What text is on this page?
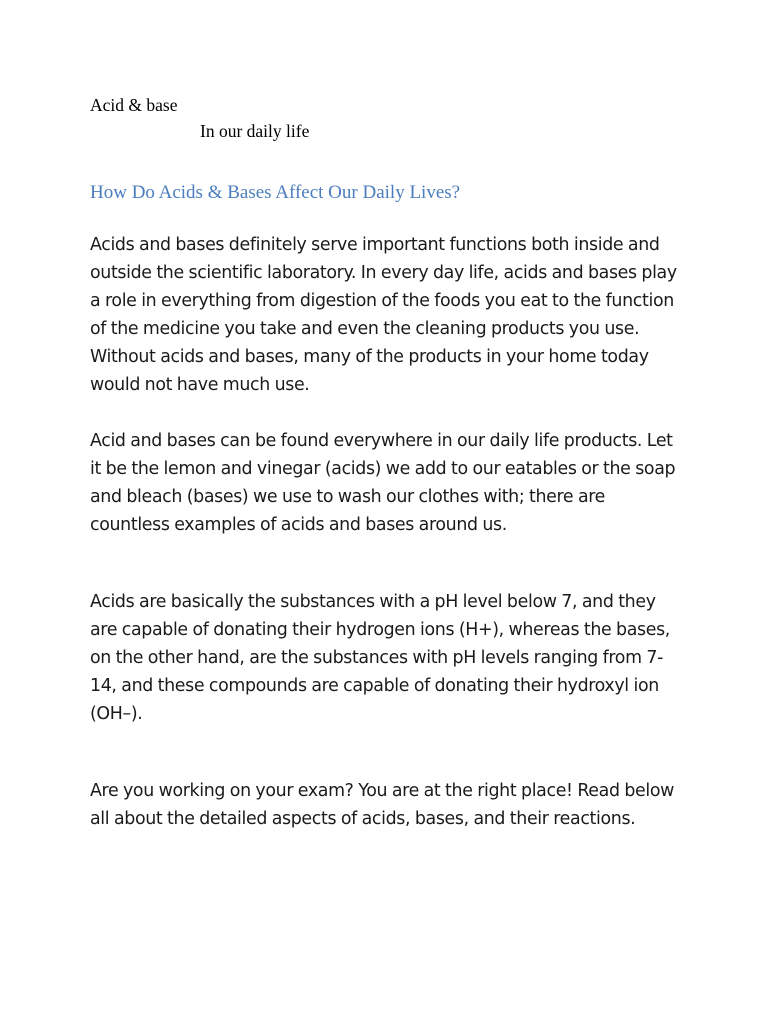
Acid & base
In our daily life
How Do Acids & Bases Affect Our Daily Lives?

Acids and bases definitely serve important functions both inside and
outside the scientific laboratory. In every day life, acids and bases play
a role in everything from digestion of the foods you eat to the function
of the medicine you take and even the cleaning products you use.
Without acids and bases, many of the products in your home today
would not have much use.

Acid and bases can be found everywhere in our daily life products. Let
it be the lemon and vinegar (acids) we add to our eatables or the soap
and bleach (bases) we use to wash our clothes with; there are
countless examples of acids and bases around us.

Acids are basically the substances with a pH level below 7, and they
are capable of donating their hydrogen ions (H+), whereas the bases,
on the other hand, are the substances with pH levels ranging from 7-
14, and these compounds are capable of donating their hydroxyl ion
(OH–).

Are you working on your exam? You are at the right place! Read below
all about the detailed aspects of acids, bases, and their reactions.
